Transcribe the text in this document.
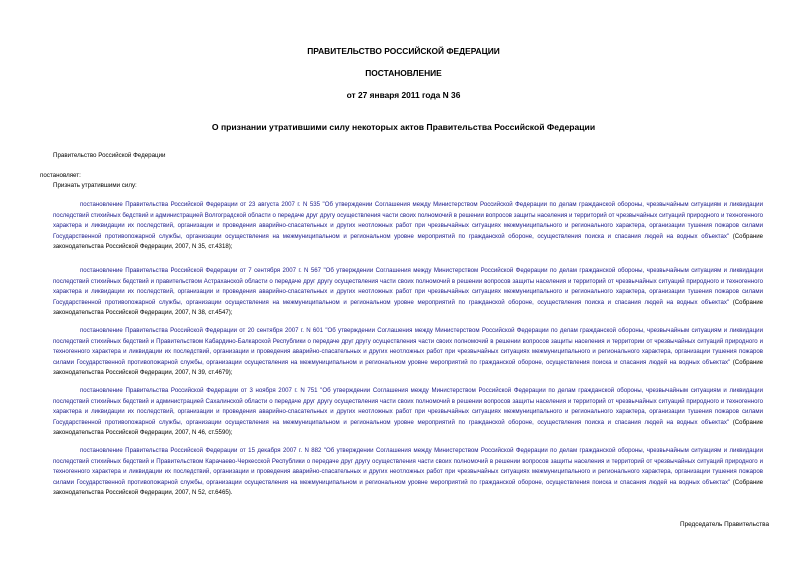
ПРАВИТЕЛЬСТВО РОССИЙСКОЙ ФЕДЕРАЦИИ
ПОСТАНОВЛЕНИЕ
от 27 января 2011 года N 36
О признании утратившими силу некоторых актов Правительства Российской Федерации
Правительство Российской Федерации
постановляет:
Признать утратившими силу:

постановление Правительства Российской Федерации от 23 августа 2007 г. N 535 "Об утверждении Соглашения между Министерством Российской Федерации по делам гражданской обороны, чрезвычайным ситуациям и ликвидации последствий стихийных бедствий и администрацией Волгоградской области о передаче друг другу осуществления части своих полномочий в решении вопросов защиты населения и территорий от чрезвычайных ситуаций природного и техногенного характера и ликвидации их последствий, организации и проведения аварийно-спасательных и других неотложных работ при чрезвычайных ситуациях межмуниципального и регионального характера, организации тушения пожаров силами Государственной противопожарной службы, организации осуществления на межмуниципальном и региональном уровне мероприятий по гражданской обороне, осуществления поиска и спасания людей на водных объектах" (Собрание законодательства Российской Федерации, 2007, N 35, ст.4318);

постановление Правительства Российской Федерации от 7 сентября 2007 г. N 567 "Об утверждении Соглашения между Министерством Российской Федерации по делам гражданской обороны, чрезвычайным ситуациям и ликвидации последствий стихийных бедствий и правительством Астраханской области о передаче друг другу осуществления части своих полномочий в решении вопросов защиты населения и территорий от чрезвычайных ситуаций природного и техногенного характера и ликвидации их последствий, организации и проведения аварийно-спасательных и других неотложных работ при чрезвычайных ситуациях межмуниципального и регионального характера, организации тушения пожаров силами Государственной противопожарной службы, организации осуществления на межмуниципальном и региональном уровне мероприятий по гражданской обороне, осуществления поиска и спасания людей на водных объектах" (Собрание законодательства Российской Федерации, 2007, N 38, ст.4547);

постановление Правительства Российской Федерации от 20 сентября 2007 г. N 601 "Об утверждении Соглашения между Министерством Российской Федерации по делам гражданской обороны, чрезвычайным ситуациям и ликвидации последствий стихийных бедствий и Правительством Кабардино-Балкарской Республики о передаче друг другу осуществления части своих полномочий в решении вопросов защиты населения и территории от чрезвычайных ситуаций природного и техногенного характера и ликвидации их последствий, организации и проведения аварийно-спасательных и других неотложных работ при чрезвычайных ситуациях межмуниципального и регионального характера, организации тушения пожаров силами Государственной противопожарной службы, организации осуществления на межмуниципальном и региональном уровне мероприятий по гражданской обороне, осуществления поиска и спасания людей на водных объектах" (Собрание законодательства Российской Федерации, 2007, N 39, ст.4679);

постановление Правительства Российской Федерации от 3 ноября 2007 г. N 751 "Об утверждении Соглашения между Министерством Российской Федерации по делам гражданской обороны, чрезвычайным ситуациям и ликвидации последствий стихийных бедствий и администрацией Сахалинской области о передаче друг другу осуществления части своих полномочий в решении вопросов защиты населения и территорий от чрезвычайных ситуаций природного и техногенного характера и ликвидации их последствий, организации и проведения аварийно-спасательных и других неотложных работ при чрезвычайных ситуациях межмуниципального и регионального характера, организации тушения пожаров силами Государственной противопожарной службы, организации осуществления на межмуниципальном и региональном уровне мероприятий по гражданской обороне, осуществления поиска и спасания людей на водных объектах" (Собрание законодательства Российской Федерации, 2007, N 46, ст.5590);

постановление Правительства Российской Федерации от 15 декабря 2007 г. N 882 "Об утверждении Соглашения между Министерством Российской Федерации по делам гражданской обороны, чрезвычайным ситуациям и ликвидации последствий стихийных бедствий и Правительством Карачаево-Черкесской Республики о передаче друг другу осуществления части своих полномочий в решении вопросов защиты населения и территорий от чрезвычайных ситуаций природного и техногенного характера и ликвидации их последствий, организации и проведения аварийно-спасательных и других неотложных работ при чрезвычайных ситуациях межмуниципального и регионального характера, организации тушения пожаров силами Государственной противопожарной службы, организации осуществления на межмуниципальном и региональном уровне мероприятий по гражданской обороне, осуществления поиска и спасания людей на водных объектах" (Собрание законодательства Российской Федерации, 2007, N 52, ст.6465).

Председатель Правительства
